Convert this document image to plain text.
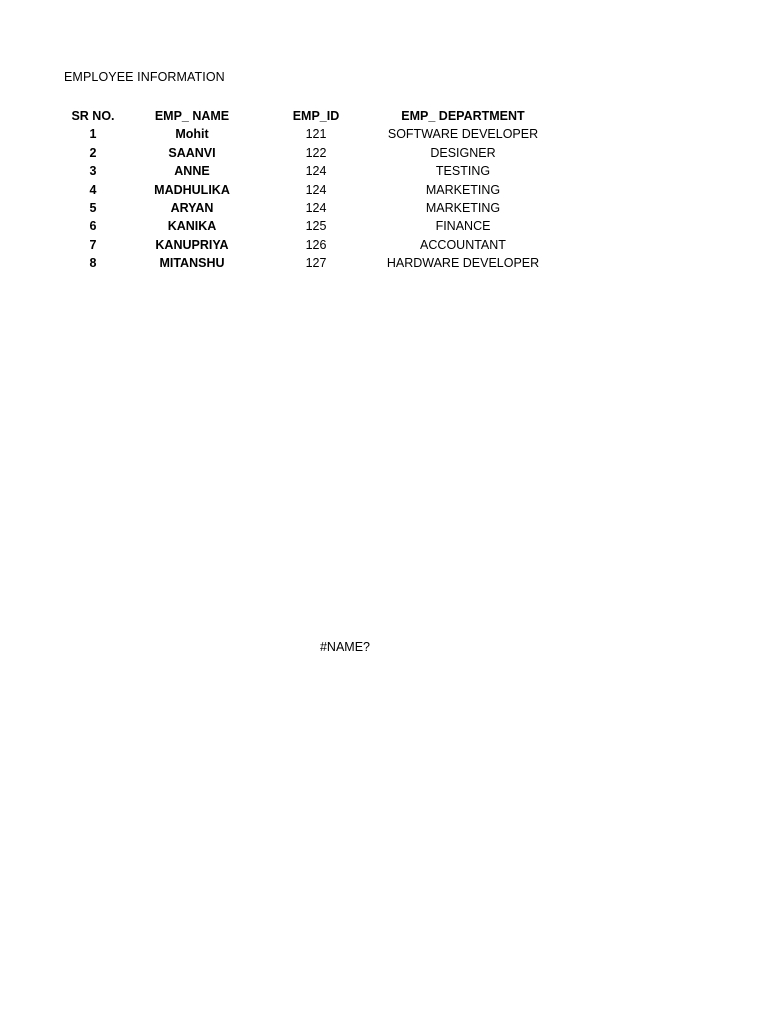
EMPLOYEE INFORMATION
SR NO.	EMP_ NAME	EMP_ID	EMP_ DEPARTMENT
1	Mohit	121	SOFTWARE DEVELOPER
2	SAANVI	122	DESIGNER
3	ANNE	124	TESTING
4	MADHULIKA	124	MARKETING
5	ARYAN	124	MARKETING
6	KANIKA	125	FINANCE
7	KANUPRIYA	126	ACCOUNTANT
8	MITANSHU	127	HARDWARE DEVELOPER
#NAME?
